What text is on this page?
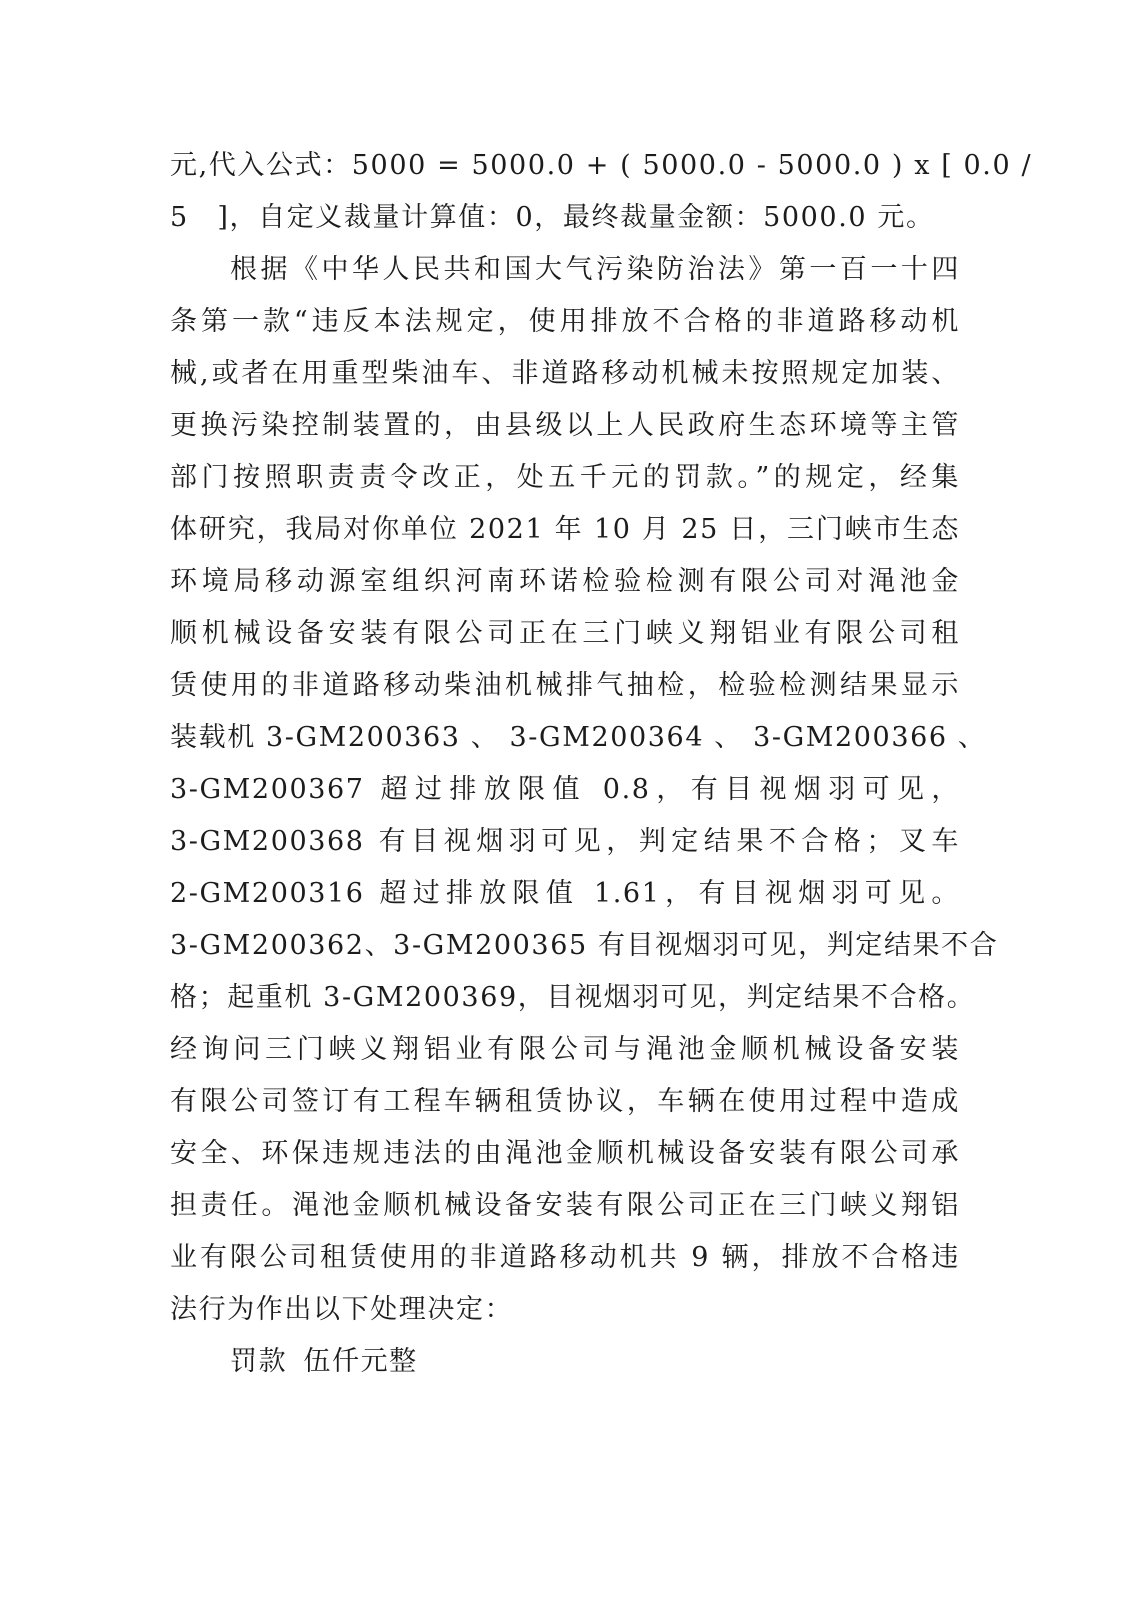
元,代入公式：5000 = 5000.0 + ( 5000.0 - 5000.0 ) x [ 0.0 /
5　]，自定义裁量计算值：0，最终裁量金额：5000.0 元。
根据《中华人民共和国大气污染防治法》第一百一十四
条第一款“违反本法规定，使用排放不合格的非道路移动机
械,或者在用重型柴油车、非道路移动机械未按照规定加装、
更换污染控制装置的，由县级以上人民政府生态环境等主管
部门按照职责责令改正，处五千元的罚款。”的规定，经集
体研究，我局对你单位 2021 年 10 月 25 日，三门峡市生态
环境局移动源室组织河南环诺检验检测有限公司对渑池金
顺机械设备安装有限公司正在三门峡义翔铝业有限公司租
赁使用的非道路移动柴油机械排气抽检，检验检测结果显示
装载机 3-GM200363 、 3-GM200364 、 3-GM200366 、
3-GM200367 超过排放限值 0.8，有目视烟羽可见，
3-GM200368 有目视烟羽可见，判定结果不合格；叉车
2-GM200316 超过排放限值 1.61，有目视烟羽可见。
3-GM200362、3-GM200365 有目视烟羽可见，判定结果不合
格；起重机 3-GM200369，目视烟羽可见，判定结果不合格。
经询问三门峡义翔铝业有限公司与渑池金顺机械设备安装
有限公司签订有工程车辆租赁协议，车辆在使用过程中造成
安全、环保违规违法的由渑池金顺机械设备安装有限公司承
担责任。渑池金顺机械设备安装有限公司正在三门峡义翔铝
业有限公司租赁使用的非道路移动机共 9 辆，排放不合格违
法行为作出以下处理决定：
罚款 伍仟元整
